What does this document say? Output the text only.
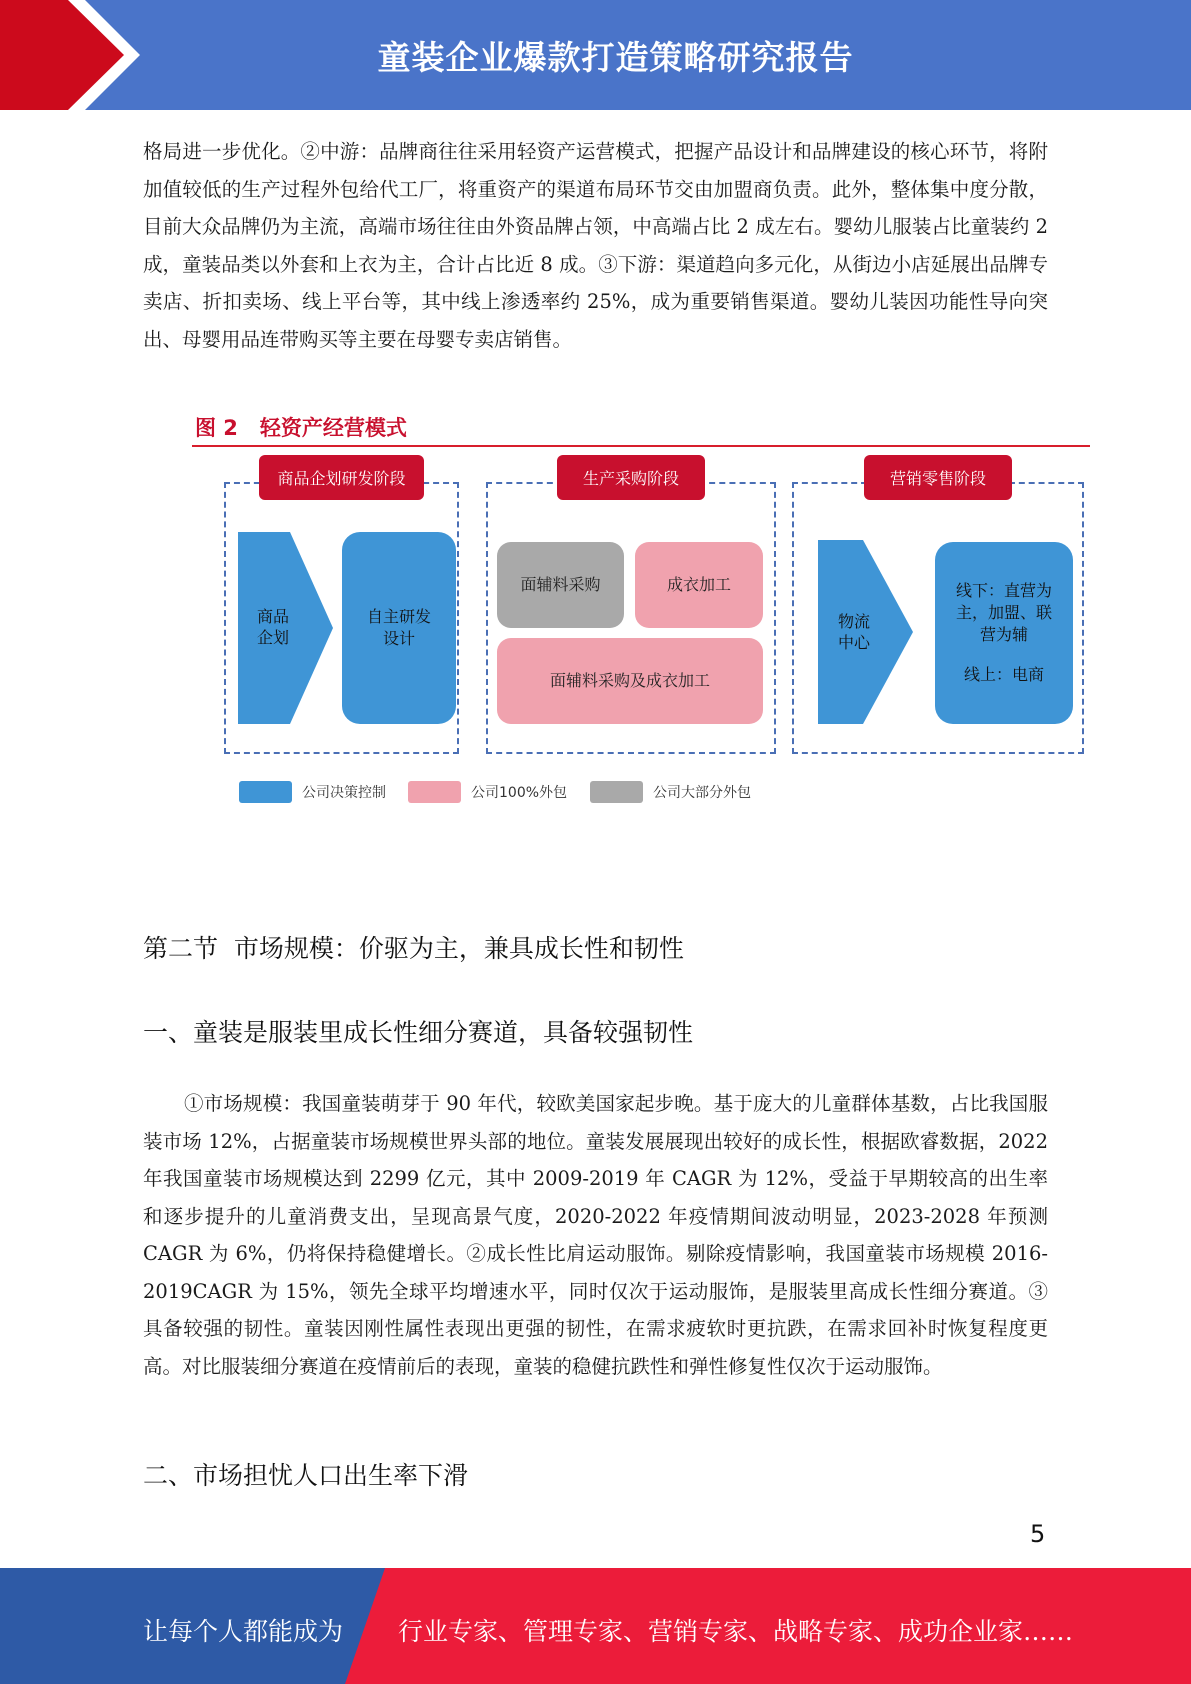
童装企业爆款打造策略研究报告
格局进一步优化。②中游：品牌商往往采用轻资产运营模式，把握产品设计和品牌建设的核心环节，将附加值较低的生产过程外包给代工厂，将重资产的渠道布局环节交由加盟商负责。此外，整体集中度分散，目前大众品牌仍为主流，高端市场往往由外资品牌占领，中高端占比 2 成左右。婴幼儿服装占比童装约 2 成，童装品类以外套和上衣为主，合计占比近 8 成。③下游：渠道趋向多元化，从街边小店延展出品牌专卖店、折扣卖场、线上平台等，其中线上渗透率约 25%，成为重要销售渠道。婴幼儿装因功能性导向突出、母婴用品连带购买等主要在母婴专卖店销售。
图 2   轻资产经营模式
商品企划研发阶段
商品
企划
自主研发
设计
生产采购阶段
面辅料采购	成衣加工
面辅料采购及成衣加工
营销零售阶段
物流
中心
线下：直营为
主，加盟、联
营为辅
线上：电商
公司决策控制	公司100%外包	公司大部分外包
第二节  市场规模：价驱为主，兼具成长性和韧性
一、童装是服装里成长性细分赛道，具备较强韧性
①市场规模：我国童装萌芽于 90 年代，较欧美国家起步晚。基于庞大的儿童群体基数，占比我国服装市场 12%，占据童装市场规模世界头部的地位。童装发展展现出较好的成长性，根据欧睿数据，2022 年我国童装市场规模达到 2299 亿元，其中 2009-2019 年 CAGR 为 12%，受益于早期较高的出生率和逐步提升的儿童消费支出，呈现高景气度，2020-2022 年疫情期间波动明显，2023-2028 年预测 CAGR 为 6%，仍将保持稳健增长。②成长性比肩运动服饰。剔除疫情影响，我国童装市场规模 2016-2019CAGR 为 15%，领先全球平均增速水平，同时仅次于运动服饰，是服装里高成长性细分赛道。③具备较强的韧性。童装因刚性属性表现出更强的韧性，在需求疲软时更抗跌，在需求回补时恢复程度更高。对比服装细分赛道在疫情前后的表现，童装的稳健抗跌性和弹性修复性仅次于运动服饰。
二、市场担忧人口出生率下滑
5
让每个人都能成为 行业专家、管理专家、营销专家、战略专家、成功企业家……
